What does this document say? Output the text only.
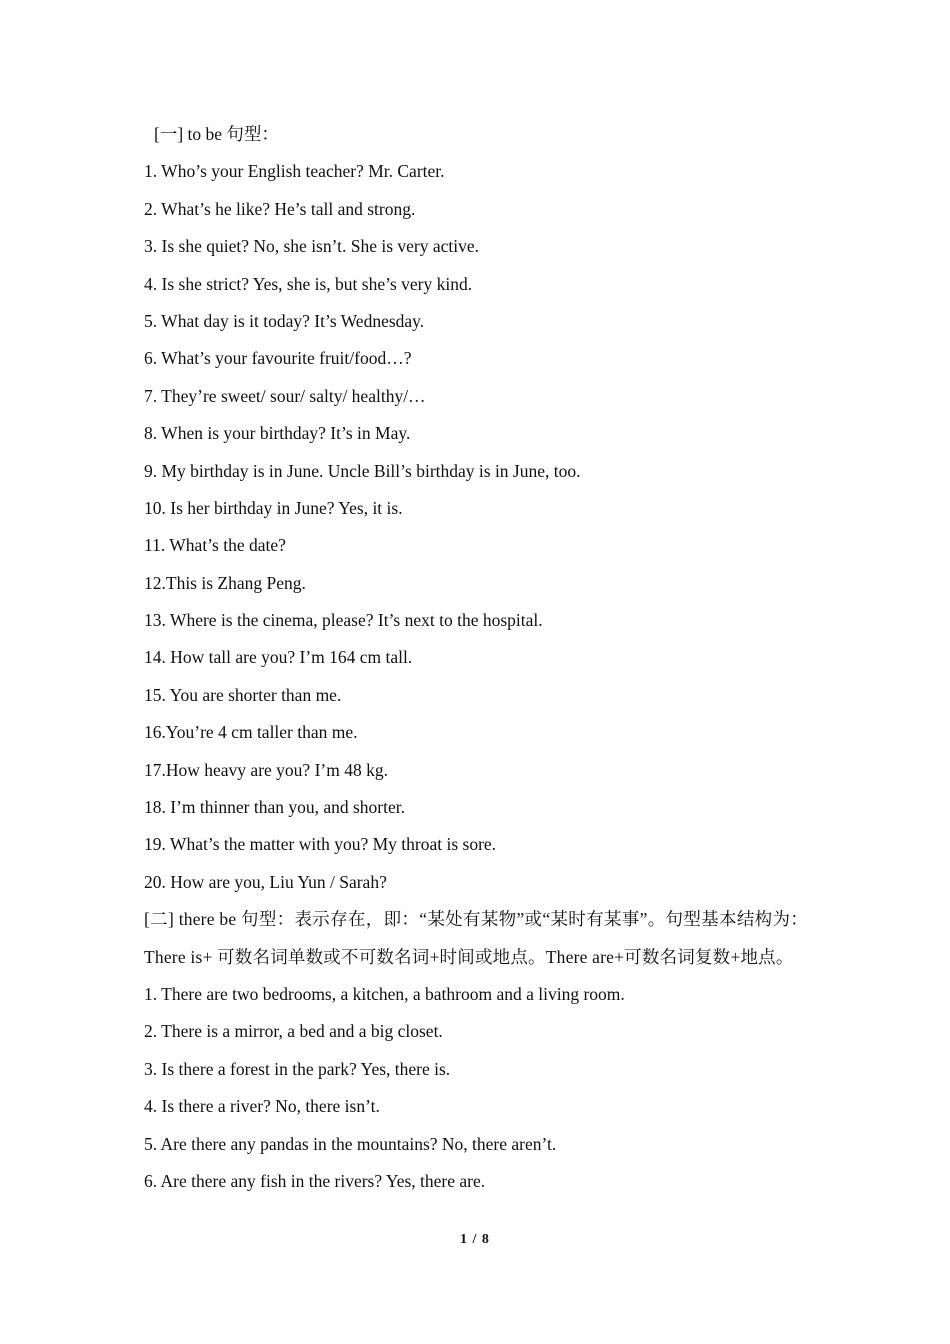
[一] to be 句型：
1. Who’s your English teacher? Mr. Carter.
2. What’s he like? He’s tall and strong.
3. Is she quiet? No, she isn’t. She is very active.
4. Is she strict? Yes, she is, but she’s very kind.
5. What day is it today? It’s Wednesday.
6. What’s your favourite fruit/food…?
7. They’re sweet/ sour/ salty/ healthy/…
8. When is your birthday? It’s in May.
9. My birthday is in June. Uncle Bill’s birthday is in June, too.
10. Is her birthday in June? Yes, it is.
11. What’s the date?
12.This is Zhang Peng.
13. Where is the cinema, please? It’s next to the hospital.
14. How tall are you? I’m 164 cm tall.
15. You are shorter than me.
16.You’re 4 cm taller than me.
17.How heavy are you? I’m 48 kg.
18. I’m thinner than you, and shorter.
19. What’s the matter with you? My throat is sore.
20. How are you, Liu Yun / Sarah?
[二] there be 句型：表示存在，即：“某处有某物”或“某时有某事”。句型基本结构为：There is+ 可数名词单数或不可数名词+时间或地点。There are+可数名词复数+地点。
1. There are two bedrooms, a kitchen, a bathroom and a living room.
2. There is a mirror, a bed and a big closet.
3. Is there a forest in the park? Yes, there is.
4. Is there a river? No, there isn’t.
5. Are there any pandas in the mountains? No, there aren’t.
6. Are there any fish in the rivers? Yes, there are.
1 / 8
